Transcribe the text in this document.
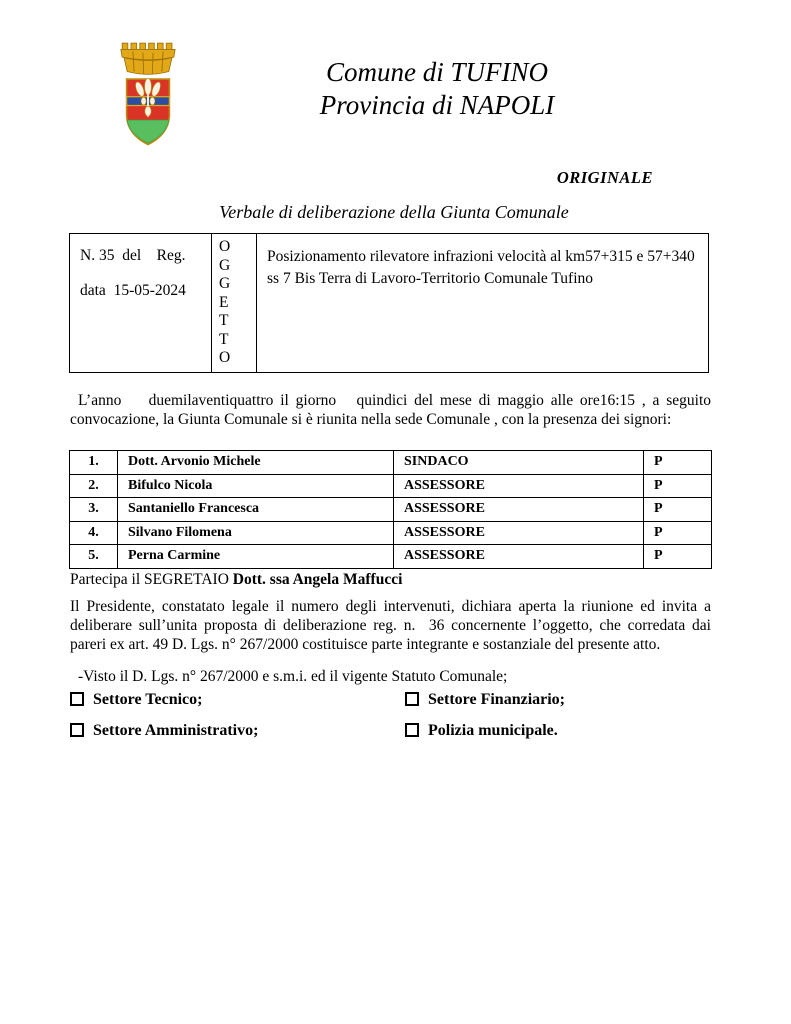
Comune di TUFINO
Provincia di NAPOLI
ORIGINALE
Verbale di deliberazione della Giunta Comunale
N. 35  del    Reg.
data  15-05-2024
O
G
G
E
T
T
O
Posizionamento rilevatore infrazioni velocità al km57+315 e 57+340 ss 7 Bis Terra di Lavoro-Territorio Comunale Tufino
L’anno    duemilaventiquattro il giorno   quindici del mese di maggio alle ore16:15 , a seguito convocazione, la Giunta Comunale si è riunita nella sede Comunale , con la presenza dei signori:
1.	Dott. Arvonio Michele	SINDACO	P
2.	Bifulco Nicola	ASSESSORE	P
3.	Santaniello Francesca	ASSESSORE	P
4.	Silvano Filomena	ASSESSORE	P
5.	Perna Carmine	ASSESSORE	P
Partecipa il SEGRETAIO Dott. ssa Angela Maffucci
Il Presidente, constatato legale il numero degli intervenuti, dichiara aperta la riunione ed invita a deliberare sull’unita proposta di deliberazione reg. n.  36 concernente l’oggetto, che corredata dai pareri ex art. 49 D. Lgs. n° 267/2000 costituisce parte integrante e sostanziale del presente atto.
-Visto il D. Lgs. n° 267/2000 e s.m.i. ed il vigente Statuto Comunale;
Settore Tecnico;	Settore Finanziario;
Settore Amministrativo;	Polizia municipale.
